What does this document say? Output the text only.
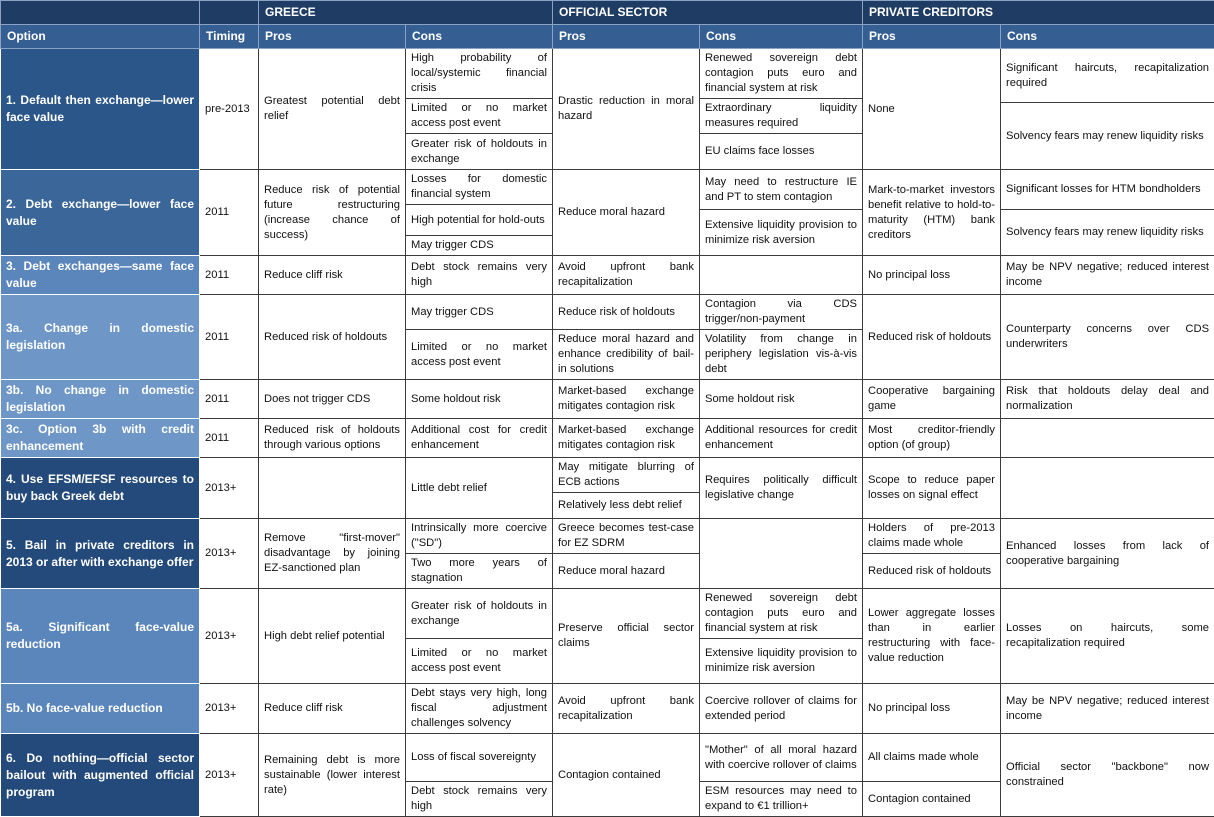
		GREECE		OFFICIAL SECTOR		PRIVATE CREDITORS	
Option	Timing	Pros	Cons	Pros	Cons	Pros	Cons
1. Default then exchange—lower face value	pre-2013	Greatest potential debt relief	High probability of local/systemic financial crisis	Drastic reduction in moral hazard	Renewed sovereign debt contagion puts euro and financial system at risk	None	Significant haircuts, recapitalization required

			Limited or no market access post event		Extraordinary liquidity measures required		
							Solvency fears may renew liquidity risks
			Greater risk of holdouts in exchange		EU claims face losses		

2. Debt exchange—lower face value	2011	Reduce risk of potential future restructuring (increase chance of success)	Losses for domestic financial system	Reduce moral hazard	May need to restructure IE and PT to stem contagion	Mark-to-market investors benefit relative to hold-to-maturity (HTM) bank creditors	Significant losses for HTM bondholders
			High potential for hold-outs				
					Extensive liquidity provision to minimize risk aversion		Solvency fears may renew liquidity risks
			May trigger CDS				
3. Debt exchanges—same face value	2011	Reduce cliff risk	Debt stock remains very high	Avoid upfront bank recapitalization		No principal loss	May be NPV negative; reduced interest income
3a. Change in domestic legislation	2011	Reduced risk of holdouts	May trigger CDS	Reduce risk of holdouts	Contagion via CDS trigger/non-payment	Reduced risk of holdouts	Counterparty concerns over CDS underwriters
			Limited or no market access post event	Reduce moral hazard and enhance credibility of bail-in solutions	Volatility from change in periphery legislation vis-à-vis debt		
3b. No change in domestic legislation	2011	Does not trigger CDS	Some holdout risk	Market-based exchange mitigates contagion risk	Some holdout risk	Cooperative bargaining game	Risk that holdouts delay deal and normalization
3c. Option 3b with credit enhancement	2011	Reduced risk of holdouts through various options	Additional cost for credit enhancement	Market-based exchange mitigates contagion risk	Additional resources for credit enhancement	Most creditor-friendly option (of group)	
4. Use EFSM/EFSF resources to buy back Greek debt	2013+		Little debt relief	May mitigate blurring of ECB actions	Requires politically difficult legislative change	Scope to reduce paper losses on signal effect	
				Relatively less debt relief			
5. Bail in private creditors in 2013 or after with exchange offer	2013+	Remove "first-mover" disadvantage by joining EZ-sanctioned plan	Intrinsically more coercive ("SD")	Greece becomes test-case for EZ SDRM		Holders of pre-2013 claims made whole	Enhanced losses from lack of cooperative bargaining
			Two more years of stagnation	Reduce moral hazard		Reduced risk of holdouts	
5a. Significant face-value reduction	2013+	High debt relief potential	Greater risk of holdouts in exchange	Preserve official sector claims	Renewed sovereign debt contagion puts euro and financial system at risk	Lower aggregate losses than in earlier restructuring with face-value reduction	Losses on haircuts, some recapitalization required
			Limited or no market access post event		Extensive liquidity provision to minimize risk aversion		
5b. No face-value reduction	2013+	Reduce cliff risk	Debt stays very high, long fiscal adjustment challenges solvency	Avoid upfront bank recapitalization	Coercive rollover of claims for extended period	No principal loss	May be NPV negative; reduced interest income
6. Do nothing—official sector bailout with augmented official program	2013+	Remaining debt is more sustainable (lower interest rate)	Loss of fiscal sovereignty	Contagion contained	"Mother" of all moral hazard with coercive rollover of claims	All claims made whole	Official sector "backbone" now constrained
			Debt stock remains very high		ESM resources may need to expand to €1 trillion+	Contagion contained	
